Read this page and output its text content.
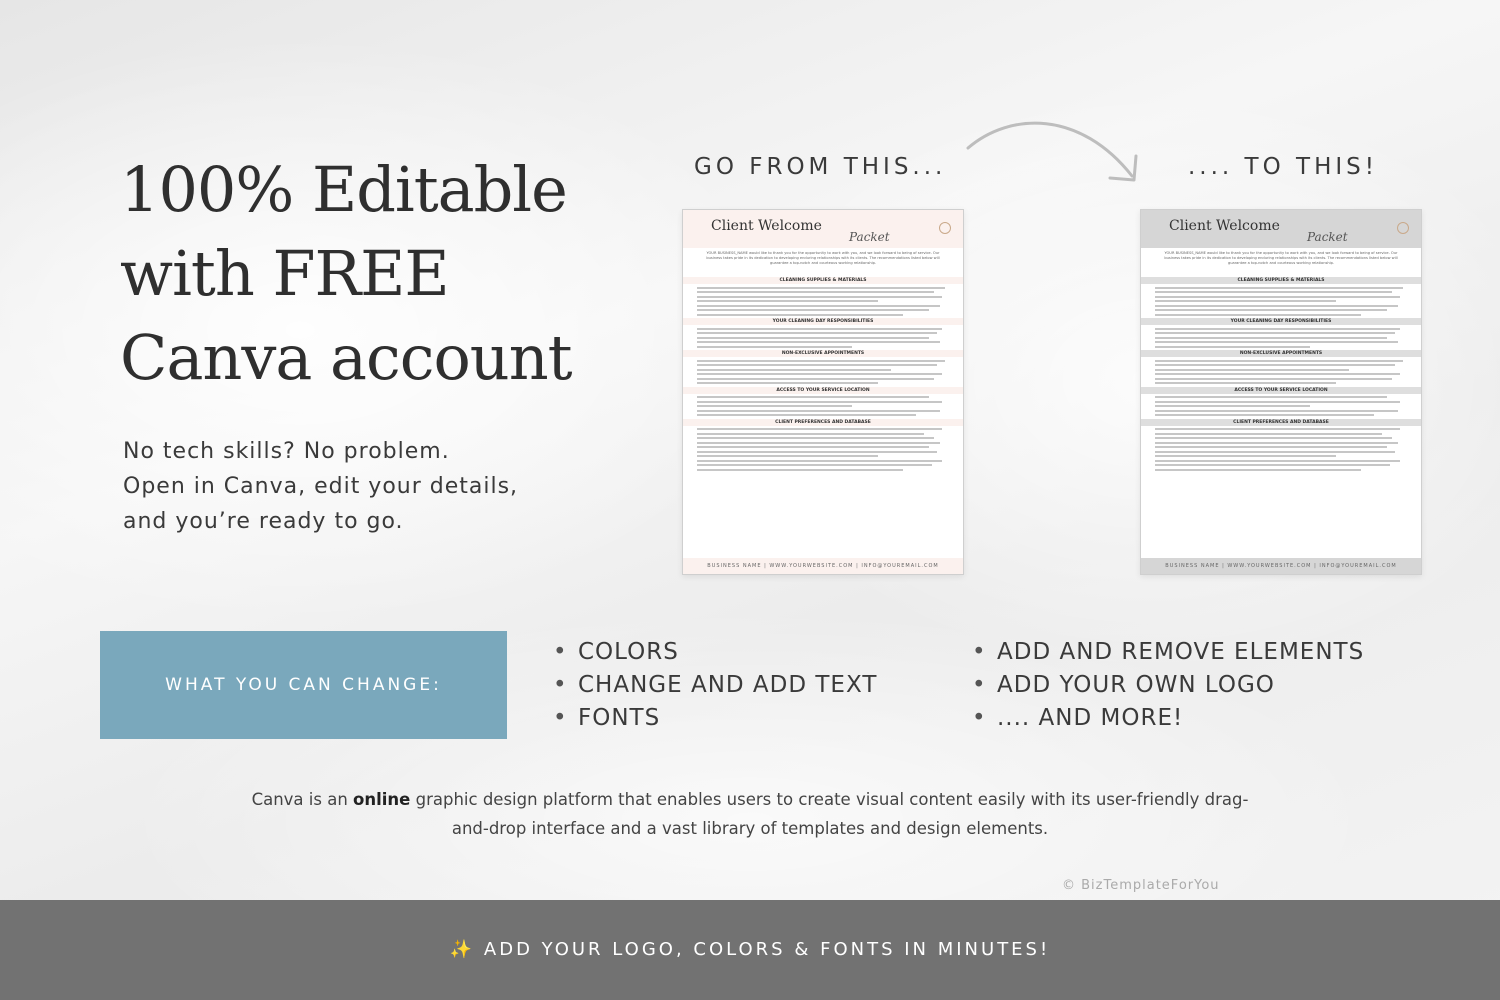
100% Editable
with FREE
Canva account
No tech skills? No problem.
Open in Canva, edit your details,
and you’re ready to go.
GO FROM THIS...	.... TO THIS!
Client Welcome
Packet
YOUR BUSINESS_NAME would like to thank you for the opportunity to work with you, and we look forward to being of service. Our business takes pride in its dedication to developing enduring relationships with its clients. The recommendations listed below will guarantee a top-notch and courteous working relationship.
CLEANING SUPPLIES & MATERIALS
YOUR CLEANING DAY RESPONSIBILITIES
NON-EXCLUSIVE APPOINTMENTS
ACCESS TO YOUR SERVICE LOCATION
CLIENT PREFERENCES AND DATABASE
BUSINESS NAME | WWW.YOURWEBSITE.COM | INFO@YOUREMAIL.COM
Client Welcome
Packet
YOUR BUSINESS_NAME would like to thank you for the opportunity to work with you, and we look forward to being of service. Our business takes pride in its dedication to developing enduring relationships with its clients. The recommendations listed below will guarantee a top-notch and courteous working relationship.
CLEANING SUPPLIES & MATERIALS
YOUR CLEANING DAY RESPONSIBILITIES
NON-EXCLUSIVE APPOINTMENTS
ACCESS TO YOUR SERVICE LOCATION
CLIENT PREFERENCES AND DATABASE
BUSINESS NAME | WWW.YOURWEBSITE.COM | INFO@YOUREMAIL.COM
WHAT YOU CAN CHANGE:
• COLORS
• CHANGE AND ADD TEXT
• FONTS
• ADD AND REMOVE ELEMENTS
• ADD YOUR OWN LOGO
• .... AND MORE!

Canva is an online graphic design platform that enables users to create visual content easily with its user-friendly drag-and-drop interface and a vast library of templates and design elements.

© BizTemplateForYou
✨ ADD YOUR LOGO, COLORS & FONTS IN MINUTES!
